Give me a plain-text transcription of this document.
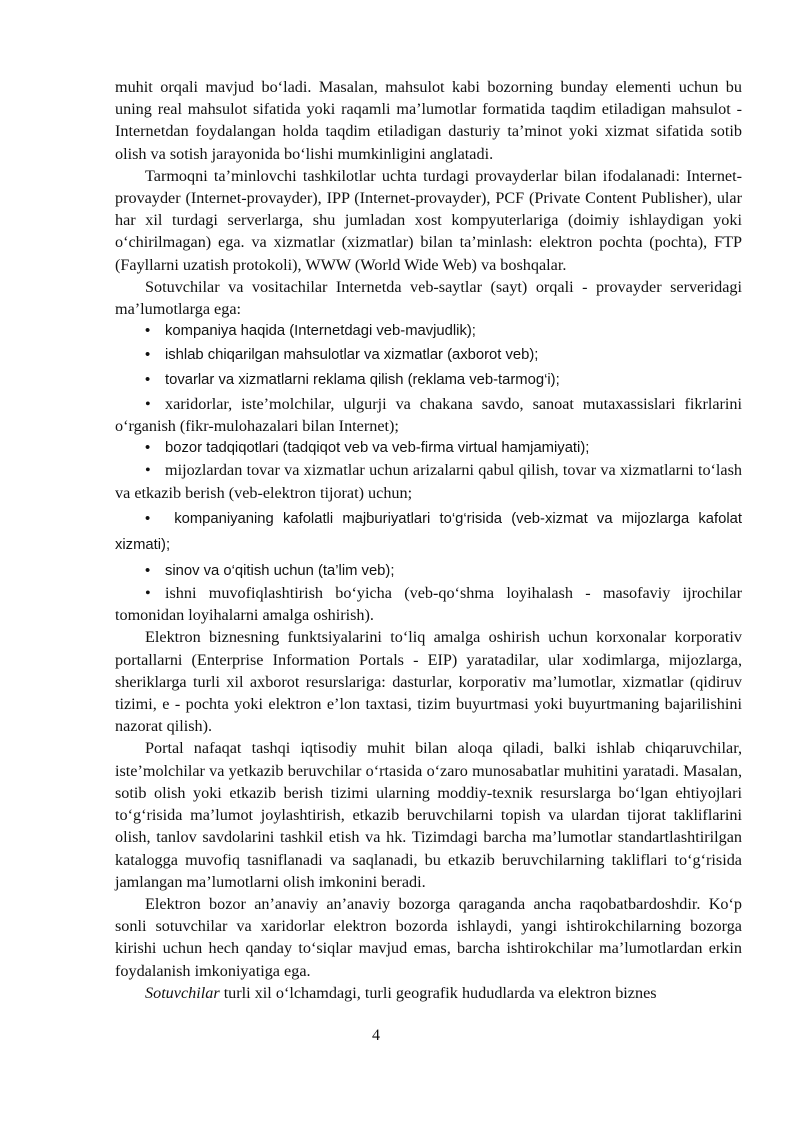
muhit orqali mavjud bo‘ladi. Masalan, mahsulot kabi bozorning bunday elementi uchun bu uning real mahsulot sifatida yoki raqamli ma’lumotlar formatida taqdim etiladigan mahsulot - Internetdan foydalangan holda taqdim etiladigan dasturiy ta’minot yoki xizmat sifatida sotib olish va sotish jarayonida bo‘lishi mumkinligini anglatadi.

Tarmoqni ta’minlovchi tashkilotlar uchta turdagi provayderlar bilan ifodalanadi: Internet-provayder (Internet-provayder), IPP (Internet-provayder), PCF (Private Content Publisher), ular har xil turdagi serverlarga, shu jumladan xost kompyuterlariga (doimiy ishlaydigan yoki o‘chirilmagan) ega. va xizmatlar (xizmatlar) bilan ta’minlash: elektron pochta (pochta), FTP (Fayllarni uzatish protokoli), WWW (World Wide Web) va boshqalar.

Sotuvchilar va vositachilar Internetda veb-saytlar (sayt) orqali - provayder serveridagi ma’lumotlarga ega:

• kompaniya haqida (Internetdagi veb-mavjudlik);

• ishlab chiqarilgan mahsulotlar va xizmatlar (axborot veb);

• tovarlar va xizmatlarni reklama qilish (reklama veb-tarmog‘i);

• xaridorlar, iste’molchilar, ulgurji va chakana savdo, sanoat mutaxassislari fikrlarini o‘rganish (fikr-mulohazalari bilan Internet);

• bozor tadqiqotlari (tadqiqot veb va veb-firma virtual hamjamiyati);

• mijozlardan tovar va xizmatlar uchun arizalarni qabul qilish, tovar va xizmatlarni to‘lash va etkazib berish (veb-elektron tijorat) uchun;

• kompaniyaning kafolatli majburiyatlari to‘g‘risida (veb-xizmat va mijozlarga kafolat xizmati);

• sinov va o‘qitish uchun (ta’lim veb);

• ishni muvofiqlashtirish bo‘yicha (veb-qo‘shma loyihalash - masofaviy ijrochilar tomonidan loyihalarni amalga oshirish).

Elektron biznesning funktsiyalarini to‘liq amalga oshirish uchun korxonalar korporativ portallarni (Enterprise Information Portals - EIP) yaratadilar, ular xodimlarga, mijozlarga, sheriklarga turli xil axborot resurslariga: dasturlar, korporativ ma’lumotlar, xizmatlar (qidiruv tizimi, e - pochta yoki elektron e’lon taxtasi, tizim buyurtmasi yoki buyurtmaning bajarilishini nazorat qilish).

Portal nafaqat tashqi iqtisodiy muhit bilan aloqa qiladi, balki ishlab chiqaruvchilar, iste’molchilar va yetkazib beruvchilar o‘rtasida o‘zaro munosabatlar muhitini yaratadi. Masalan, sotib olish yoki etkazib berish tizimi ularning moddiy-texnik resurslarga bo‘lgan ehtiyojlari to‘g‘risida ma’lumot joylashtirish, etkazib beruvchilarni topish va ulardan tijorat takliflarini olish, tanlov savdolarini tashkil etish va hk. Tizimdagi barcha ma’lumotlar standartlashtirilgan katalogga muvofiq tasniflanadi va saqlanadi, bu etkazib beruvchilarning takliflari to‘g‘risida jamlangan ma’lumotlarni olish imkonini beradi.

Elektron bozor an’anaviy an’anaviy bozorga qaraganda ancha raqobatbardoshdir. Ko‘p sonli sotuvchilar va xaridorlar elektron bozorda ishlaydi, yangi ishtirokchilarning bozorga kirishi uchun hech qanday to‘siqlar mavjud emas, barcha ishtirokchilar ma’lumotlardan erkin foydalanish imkoniyatiga ega.

Sotuvchilar turli xil o‘lchamdagi, turli geografik hududlarda va elektron biznes

4
